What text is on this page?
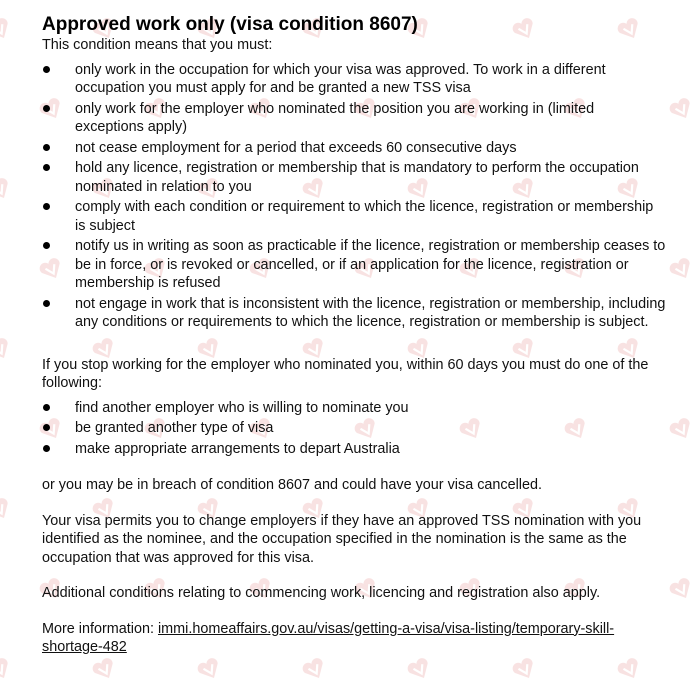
Approved work only (visa condition 8607)

This condition means that you must:

only work in the occupation for which your visa was approved. To work in a different occupation you must apply for and be granted a new TSS visa
only work for the employer who nominated the position you are working in (limited exceptions apply)
not cease employment for a period that exceeds 60 consecutive days
hold any licence, registration or membership that is mandatory to perform the occupation nominated in relation to you
comply with each condition or requirement to which the licence, registration or membership is subject
notify us in writing as soon as practicable if the licence, registration or membership ceases to be in force, or is revoked or cancelled, or if an application for the licence, registration or membership is refused
not engage in work that is inconsistent with the licence, registration or membership, including any conditions or requirements to which the licence, registration or membership is subject.

If you stop working for the employer who nominated you, within 60 days you must do one of the following:

find another employer who is willing to nominate you
be granted another type of visa
make appropriate arrangements to depart Australia

or you may be in breach of condition 8607 and could have your visa cancelled.

Your visa permits you to change employers if they have an approved TSS nomination with you identified as the nominee, and the occupation specified in the nomination is the same as the occupation that was approved for this visa.

Additional conditions relating to commencing work, licencing and registration also apply.

More information: immi.homeaffairs.gov.au/visas/getting-a-visa/visa-listing/temporary-skill-shortage-482
